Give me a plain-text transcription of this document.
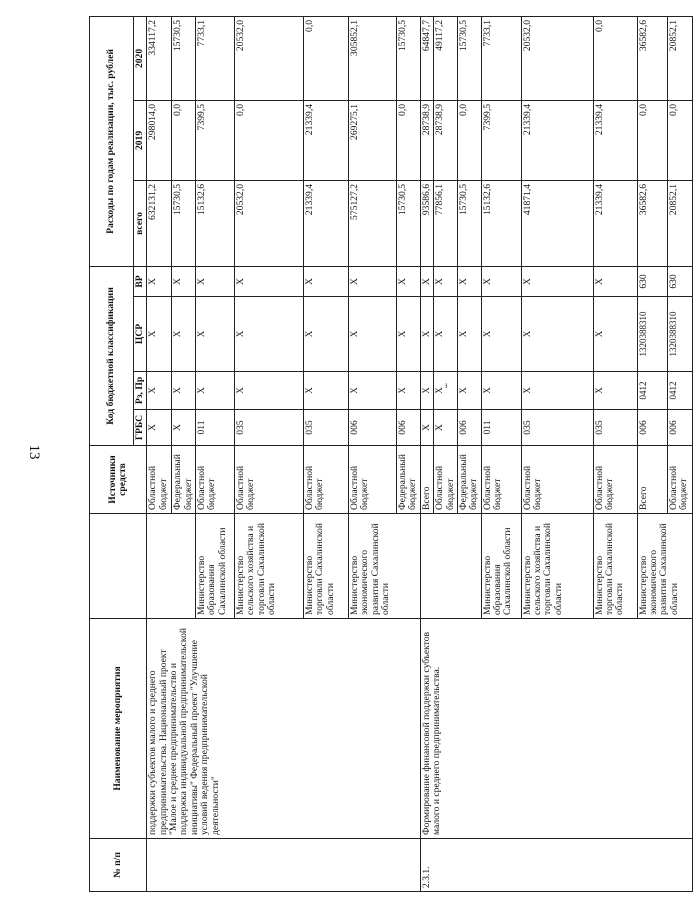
13
№ п/п	Наименование мероприятия		Источники средств	Код бюджетной классификации				Расходы по годам реализации, тыс. рублей		
				ГРБС	Рз, Пр	ЦСР	ВР	всего	2019	2020
	поддержки субъектов малого и среднего предпринимательства. Национальный проект "Малое и среднее предпринимательство и поддержка индивидуальной предпринимательской инициативы" Федеральный проект "Улучшение условий ведения предпринимательской деятельности"		Областной бюджет	Х	Х	Х	Х	632131,2	298014,0	334117,2
			Федеральный бюджет	Х	Х	Х	Х	15730,5	0,0	15730,5
		Министерство образования Сахалинской области	Областной бюджет	011	Х	Х	Х	15132,6	7399,5	7733,1
		Министерство сельского хозяйства и торговли Сахалинской области	Областной бюджет	035	Х	Х	Х	20532,0	0,0	20532,0
		Министерство торговли Сахалинской области	Областной бюджет	035	Х	Х	Х	21339,4	21339,4	0,0
		Министерство экономического развития Сахалинской области	Областной бюджет	006	Х	Х	Х	575127,2	269275,1	305852,1
			Федеральный бюджет	006	Х	Х	Х	15730,5	0,0	15730,5
2.3.1.	Формирование финансовой поддержки субъектов малого и среднего предпринимательства.		Всего	Х	Х	Х	Х	93586,6	28738,9	64847,7
			Областной бюджет	Х	Х	Х	Х	77856,1	28738,9	49117,2
			Федеральный бюджет	006	Х	Х	Х	15730,5	0,0	15730,5
		Министерство образования Сахалинской области	Областной бюджет	011	Х	Х	Х	15132,6	7399,5	7733,1
		Министерство сельского хозяйства и торговли Сахалинской области	Областной бюджет	035	Х	Х	Х	41871,4	21339,4	20532,0
		Министерство торговли Сахалинской области	Областной бюджет	035	Х	Х	Х	21339,4	21339,4	0,0
		Министерство экономического развития Сахалинской области	Всего	006	0412	1320388310	630	36582,6	0,0	36582,6
			Областной бюджет	006	0412	1320388310	630	20852,1	0,0	20852,1
ᵻ
